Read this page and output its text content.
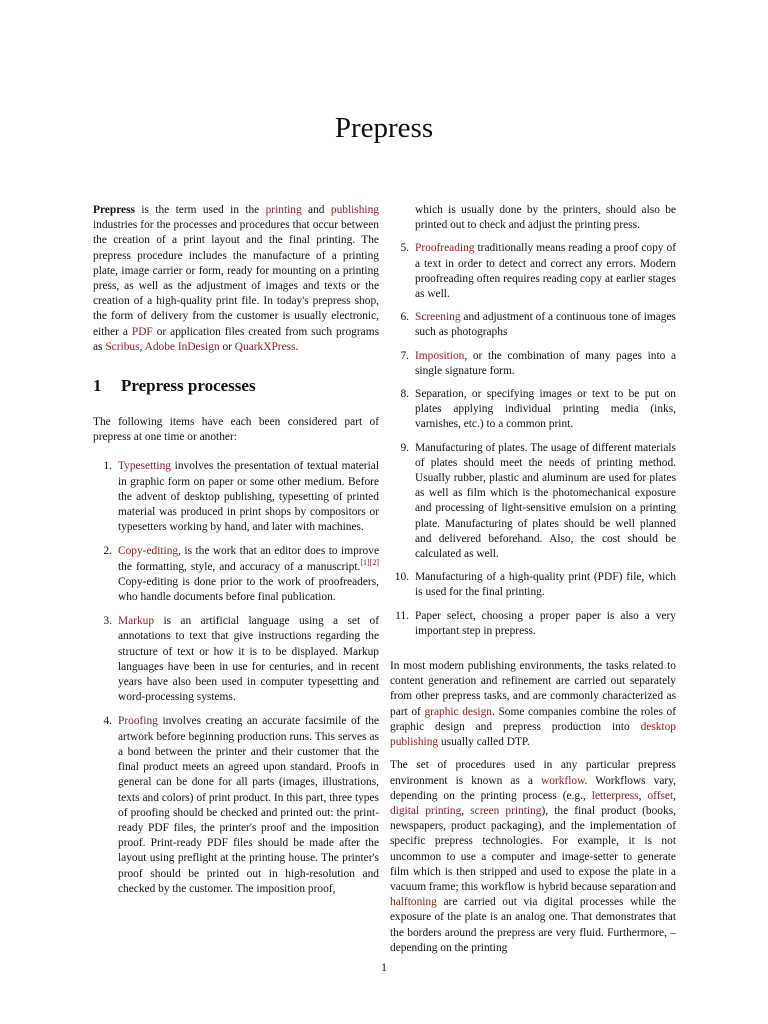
Prepress

Prepress is the term used in the printing and publishing industries for the processes and procedures that occur between the creation of a print layout and the final printing. The prepress procedure includes the manufacture of a printing plate, image carrier or form, ready for mounting on a printing press, as well as the adjustment of images and texts or the creation of a high-quality print file. In today's prepress shop, the form of delivery from the customer is usually electronic, either a PDF or application files created from such programs as Scribus, Adobe InDesign or QuarkXPress.

1 Prepress processes

The following items have each been considered part of prepress at one time or another:

1. Typesetting involves the presentation of textual material in graphic form on paper or some other medium. Before the advent of desktop publishing, typesetting of printed material was produced in print shops by compositors or typesetters working by hand, and later with machines.
2. Copy-editing, is the work that an editor does to improve the formatting, style, and accuracy of a manuscript.[1][2] Copy-editing is done prior to the work of proofreaders, who handle documents before final publication.
3. Markup is an artificial language using a set of annotations to text that give instructions regarding the structure of text or how it is to be displayed. Markup languages have been in use for centuries, and in recent years have also been used in computer typesetting and word-processing systems.
4. Proofing involves creating an accurate facsimile of the artwork before beginning production runs. This serves as a bond between the printer and their customer that the final product meets an agreed upon standard. Proofs in general can be done for all parts (images, illustrations, texts and colors) of print product. In this part, three types of proofing should be checked and printed out: the print-ready PDF files, the printer's proof and the imposition proof. Print-ready PDF files should be made after the layout using preflight at the printing house. The printer's proof should be printed out in high-resolution and checked by the customer. The imposition proof,
which is usually done by the printers, should also be printed out to check and adjust the printing press.
5. Proofreading traditionally means reading a proof copy of a text in order to detect and correct any errors. Modern proofreading often requires reading copy at earlier stages as well.
6. Screening and adjustment of a continuous tone of images such as photographs
7. Imposition, or the combination of many pages into a single signature form.
8. Separation, or specifying images or text to be put on plates applying individual printing media (inks, varnishes, etc.) to a common print.
9. Manufacturing of plates. The usage of different materials of plates should meet the needs of printing method. Usually rubber, plastic and aluminum are used for plates as well as film which is the photomechanical exposure and processing of light-sensitive emulsion on a printing plate. Manufacturing of plates should be well planned and delivered beforehand. Also, the cost should be calculated as well.
10. Manufacturing of a high-quality print (PDF) file, which is used for the final printing.
11. Paper select, choosing a proper paper is also a very important step in prepress.

In most modern publishing environments, the tasks related to content generation and refinement are carried out separately from other prepress tasks, and are commonly characterized as part of graphic design. Some companies combine the roles of graphic design and prepress production into desktop publishing usually called DTP.

The set of procedures used in any particular prepress environment is known as a workflow. Workflows vary, depending on the printing process (e.g., letterpress, offset, digital printing, screen printing), the final product (books, newspapers, product packaging), and the implementation of specific prepress technologies. For example, it is not uncommon to use a computer and image-setter to generate film which is then stripped and used to expose the plate in a vacuum frame; this workflow is hybrid because separation and halftoning are carried out via digital processes while the exposure of the plate is an analog one. That demonstrates that the borders around the prepress are very fluid. Furthermore, – depending on the printing

1
